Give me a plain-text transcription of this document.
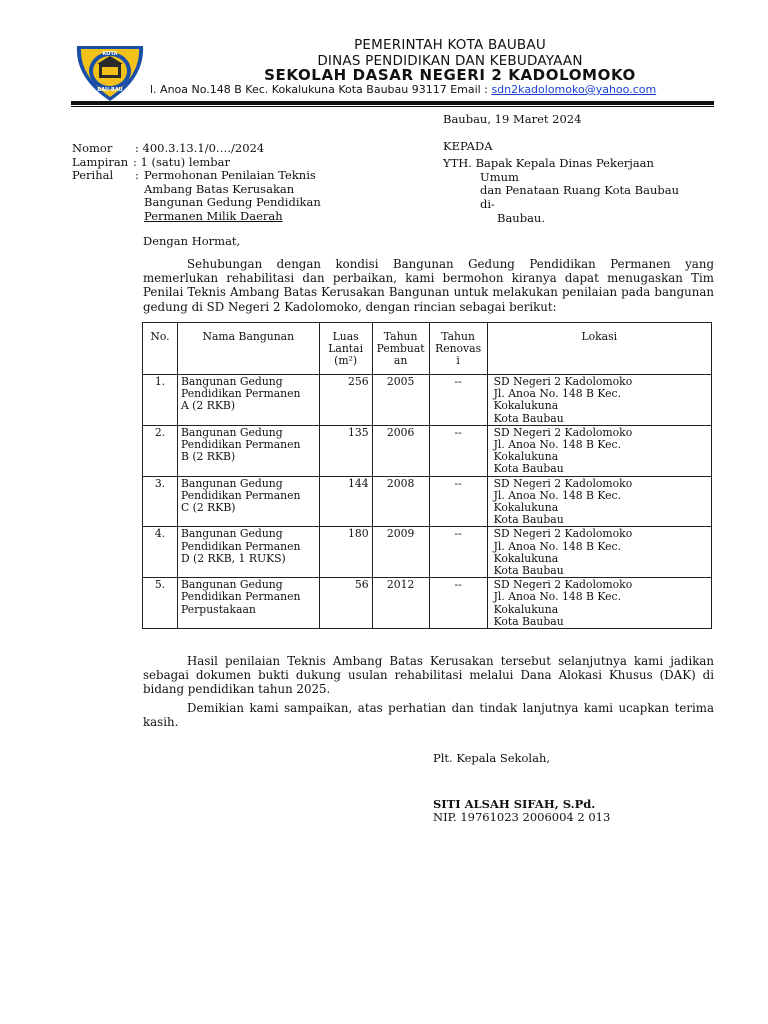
KOTA
BAU-BAU
PEMERINTAH KOTA BAUBAU
DINAS PENDIDIKAN DAN KEBUDAYAAN
SEKOLAH DASAR NEGERI 2 KADOLOMOKO
l. Anoa No.148 B Kec. Kokalukuna Kota Baubau 93117 Email : sdn2kadolomoko@yahoo.com
Baubau, 19 Maret 2024
Nomor : 400.3.13.1/0…./2024
Lampiran : 1 (satu) lembar
Perihal : Permohonan Penilaian Teknis
Ambang Batas Kerusakan
Bangunan Gedung Pendidikan
Permanen Milik Daerah
KEPADA
YTH. Bapak Kepala Dinas Pekerjaan
Umum
dan Penataan Ruang Kota Baubau
di-
Baubau.
Dengan Hormat,
Sehubungan dengan kondisi Bangunan Gedung Pendidikan Permanen yang memerlukan rehabilitasi dan perbaikan, kami bermohon kiranya dapat menugaskan Tim Penilai Teknis Ambang Batas Kerusakan Bangunan untuk melakukan penilaian pada bangunan gedung di SD Negeri 2 Kadolomoko, dengan rincian sebagai berikut:
No.	Nama Bangunan	Luas
Lantai
(m²)	Tahun
Pembuat
an	Tahun
Renovas
i	Lokasi
1.	Bangunan Gedung
Pendidikan Permanen
A (2 RKB)	256	2005	--	SD Negeri 2 Kadolomoko
Jl. Anoa No. 148 B Kec.
Kokalukuna
Kota Baubau

2.	Bangunan Gedung
Pendidikan Permanen
B (2 RKB)	135	2006	--	SD Negeri 2 Kadolomoko
Jl. Anoa No. 148 B Kec.
Kokalukuna
Kota Baubau

3.	Bangunan Gedung
Pendidikan Permanen
C (2 RKB)	144	2008	--	SD Negeri 2 Kadolomoko
Jl. Anoa No. 148 B Kec.
Kokalukuna
Kota Baubau

4.	Bangunan Gedung
Pendidikan Permanen
D (2 RKB, 1 RUKS)	180	2009	--	SD Negeri 2 Kadolomoko
Jl. Anoa No. 148 B Kec.
Kokalukuna
Kota Baubau

5.	Bangunan Gedung
Pendidikan Permanen
Perpustakaan	56	2012	--	SD Negeri 2 Kadolomoko
Jl. Anoa No. 148 B Kec.
Kokalukuna
Kota Baubau
Hasil penilaian Teknis Ambang Batas Kerusakan tersebut selanjutnya kami jadikan sebagai dokumen bukti dukung usulan rehabilitasi melalui Dana Alokasi Khusus (DAK) di bidang pendidikan tahun 2025.
Demikian kami sampaikan, atas perhatian dan tindak lanjutnya kami ucapkan terima kasih.
Plt. Kepala Sekolah,
SITI ALSAH SIFAH, S.Pd.
NIP. 19761023 2006004 2 013
